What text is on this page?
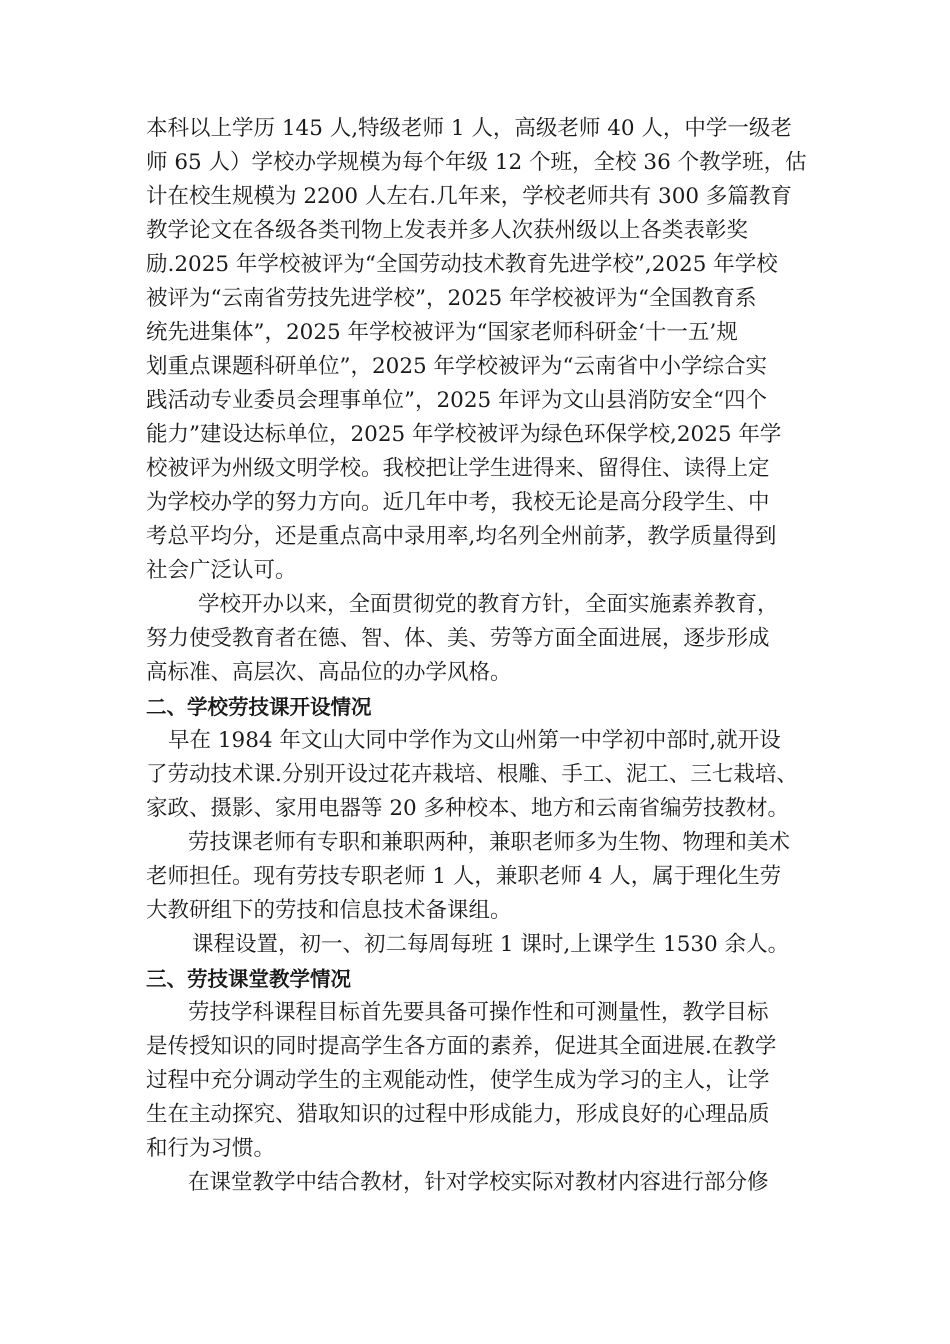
本科以上学历 145 人,特级老师 1 人，高级老师 40 人，中学一级老
师 65 人）学校办学规模为每个年级 12 个班，全校 36 个教学班，估
计在校生规模为 2200 人左右.几年来，学校老师共有 300 多篇教育
教学论文在各级各类刊物上发表并多人次获州级以上各类表彰奖
励.2025 年学校被评为“全国劳动技术教育先进学校”,2025 年学校
被评为“云南省劳技先进学校”，2025 年学校被评为“全国教育系
统先进集体”，2025 年学校被评为“国家老师科研金‘十一五’规
划重点课题科研单位”，2025 年学校被评为“云南省中小学综合实
践活动专业委员会理事单位”，2025 年评为文山县消防安全“四个
能力”建设达标单位，2025 年学校被评为绿色环保学校,2025 年学
校被评为州级文明学校。我校把让学生进得来、留得住、读得上定
为学校办学的努力方向。近几年中考，我校无论是高分段学生、中
考总平均分，还是重点高中录用率,均名列全州前茅，教学质量得到
社会广泛认可。
学校开办以来，全面贯彻党的教育方针，全面实施素养教育，
努力使受教育者在德、智、体、美、劳等方面全面进展，逐步形成
高标准、高层次、高品位的办学风格。
二、学校劳技课开设情况
早在 1984 年文山大同中学作为文山州第一中学初中部时,就开设
了劳动技术课.分别开设过花卉栽培、根雕、手工、泥工、三七栽培、
家政、摄影、家用电器等 20 多种校本、地方和云南省编劳技教材。
劳技课老师有专职和兼职两种，兼职老师多为生物、物理和美术
老师担任。现有劳技专职老师 1 人，兼职老师 4 人，属于理化生劳
大教研组下的劳技和信息技术备课组。
课程设置，初一、初二每周每班 1 课时,上课学生 1530 余人。
三、劳技课堂教学情况
劳技学科课程目标首先要具备可操作性和可测量性，教学目标
是传授知识的同时提高学生各方面的素养，促进其全面进展.在教学
过程中充分调动学生的主观能动性，使学生成为学习的主人，让学
生在主动探究、猎取知识的过程中形成能力，形成良好的心理品质
和行为习惯。
在课堂教学中结合教材，针对学校实际对教材内容进行部分修
